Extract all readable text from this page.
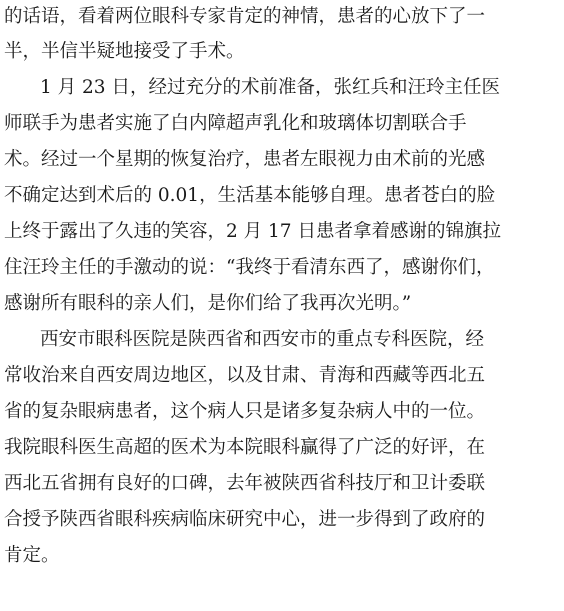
的话语，看着两位眼科专家肯定的神情，患者的心放下了一
半，半信半疑地接受了手术。
1 月 23 日，经过充分的术前准备，张红兵和汪玲主任医
师联手为患者实施了白内障超声乳化和玻璃体切割联合手
术。经过一个星期的恢复治疗，患者左眼视力由术前的光感
不确定达到术后的 0.01，生活基本能够自理。患者苍白的脸
上终于露出了久违的笑容，2 月 17 日患者拿着感谢的锦旗拉
住汪玲主任的手激动的说：“我终于看清东西了，感谢你们，
感谢所有眼科的亲人们，是你们给了我再次光明。”
西安市眼科医院是陕西省和西安市的重点专科医院，经
常收治来自西安周边地区，以及甘肃、青海和西藏等西北五
省的复杂眼病患者，这个病人只是诸多复杂病人中的一位。
我院眼科医生高超的医术为本院眼科赢得了广泛的好评，在
西北五省拥有良好的口碑，去年被陕西省科技厅和卫计委联
合授予陕西省眼科疾病临床研究中心，进一步得到了政府的
肯定。
